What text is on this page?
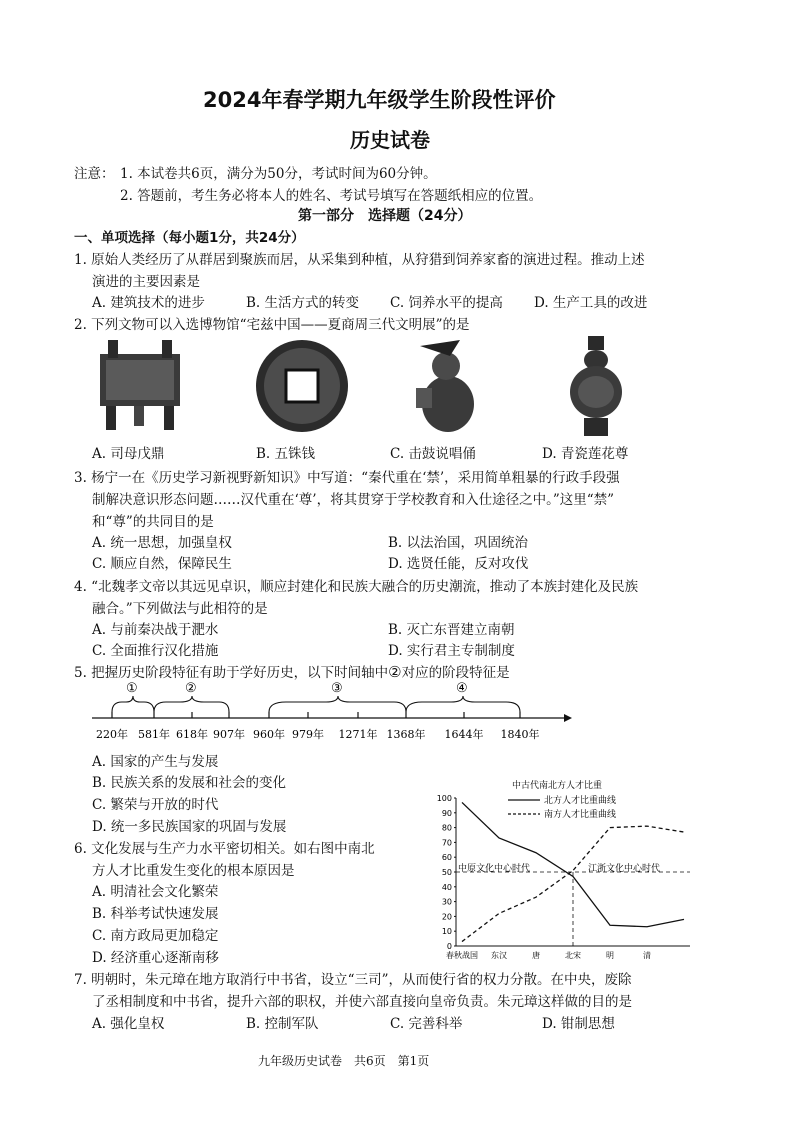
2024年春学期九年级学生阶段性评价
历史试卷
注意： 1. 本试卷共6页，满分为50分，考试时间为60分钟。
2. 答题前，考生务必将本人的姓名、考试号填写在答题纸相应的位置。
第一部分　选择题（24分）
一、单项选择（每小题1分，共24分）
1. 原始人类经历了从群居到聚族而居，从采集到种植，从狩猎到饲养家畜的演进过程。推动上述
演进的主要因素是
A. 建筑技术的进步	B. 生活方式的转变 C. 饲养水平的提高 D. 生产工具的改进
2. 下列文物可以入选博物馆“宅兹中国——夏商周三代文明展”的是
A. 司母戊鼎	B. 五铢钱	C. 击鼓说唱俑	D. 青瓷莲花尊
3. 杨宁一在《历史学习新视野新知识》中写道：“秦代重在‘禁’，采用简单粗暴的行政手段强
制解决意识形态问题……汉代重在‘尊’，将其贯穿于学校教育和入仕途径之中。”这里“禁”
和“尊”的共同目的是
A. 统一思想，加强皇权	B. 以法治国，巩固统治
C. 顺应自然，保障民生	D. 选贤任能，反对攻伐
4. “北魏孝文帝以其远见卓识，顺应封建化和民族大融合的历史潮流，推动了本族封建化及民族
融合。”下列做法与此相符的是
A. 与前秦决战于淝水	B. 灭亡东晋建立南朝
C. 全面推行汉化措施	D. 实行君主专制制度
5. 把握历史阶段特征有助于学好历史，以下时间轴中②对应的阶段特征是
①	②	③	④
220年 581年 618年 907年 960年 979年 1271年 1368年 1644年 1840年
A. 国家的产生与发展
B. 民族关系的发展和社会的变化
C. 繁荣与开放的时代
D. 统一多民族国家的巩固与发展
6. 文化发展与生产力水平密切相关。如右图中南北
方人才比重发生变化的根本原因是
A. 明清社会文化繁荣
B. 科举考试快速发展
C. 南方政局更加稳定
D. 经济重心逐渐南移
中古代南北方人才比重
北方人才比重曲线
南方人才比重曲线
0
10
20
30
40
50
60
70
80
90
100
春秋战国 东汉	唐	北宋	明	清
中原文化中心时代	江浙文化中心时代
7. 明朝时，朱元璋在地方取消行中书省，设立“三司”，从而使行省的权力分散。在中央，废除
了丞相制度和中书省，提升六部的职权，并使六部直接向皇帝负责。朱元璋这样做的目的是
A. 强化皇权	B. 控制军队	C. 完善科举	D. 钳制思想
九年级历史试卷　共6页　第1页
